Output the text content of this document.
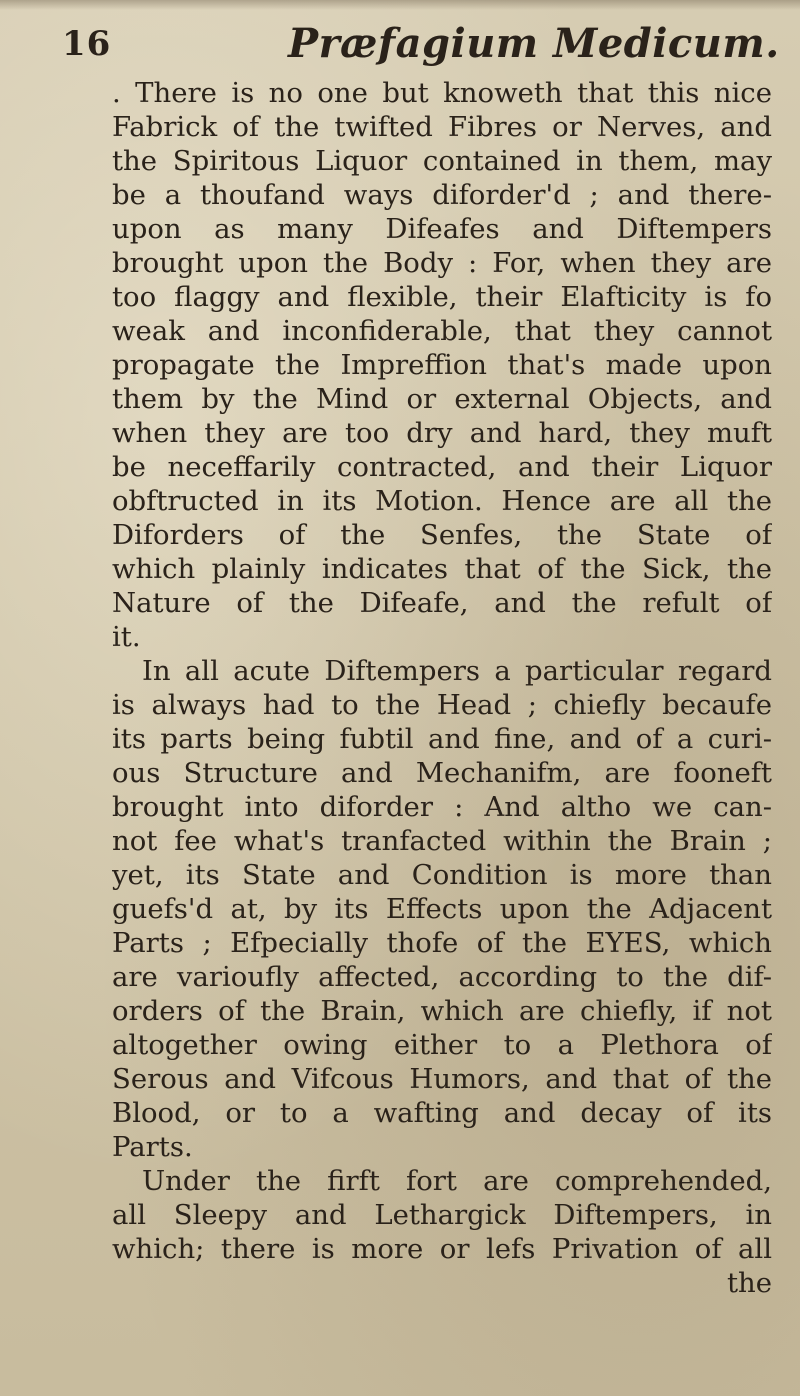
16	Præfagium Medicum.
. There is no one but knoweth that this nice
Fabrick of the twifted Fibres or Nerves, and
the Spiritous Liquor contained in them, may
be a thoufand ways diforder'd ; and there-
upon as many Difeafes and Diftempers
brought upon the Body : For, when they are
too flaggy and flexible, their Elafticity is fo
weak and inconfiderable, that they cannot
propagate the Impreffion that's made upon
them by the Mind or external Objects, and
when they are too dry and hard, they muft
be neceffarily contracted, and their Liquor
obftructed in its Motion. Hence are all the
Diforders of the Senfes, the State of
which plainly indicates that of the Sick, the
Nature of the Difeafe, and the refult of
it.
In all acute Diftempers a particular regard
is always had to the Head ; chiefly becaufe
its parts being fubtil and fine, and of a curi-
ous Structure and Mechanifm, are fooneft
brought into diforder : And altho we can-
not fee what's tranfacted within the Brain ;
yet, its State and Condition is more than
guefs'd at, by its Effects upon the Adjacent
Parts ; Efpecially thofe of the EYES, which
are varioufly affected, according to the dif-
orders of the Brain, which are chiefly, if not
altogether owing either to a Plethora of
Serous and Vifcous Humors, and that of the
Blood, or to a wafting and decay of its
Parts.
Under the firft fort are comprehended,
all Sleepy and Lethargick Diftempers, in
which; there is more or lefs Privation of all
the
